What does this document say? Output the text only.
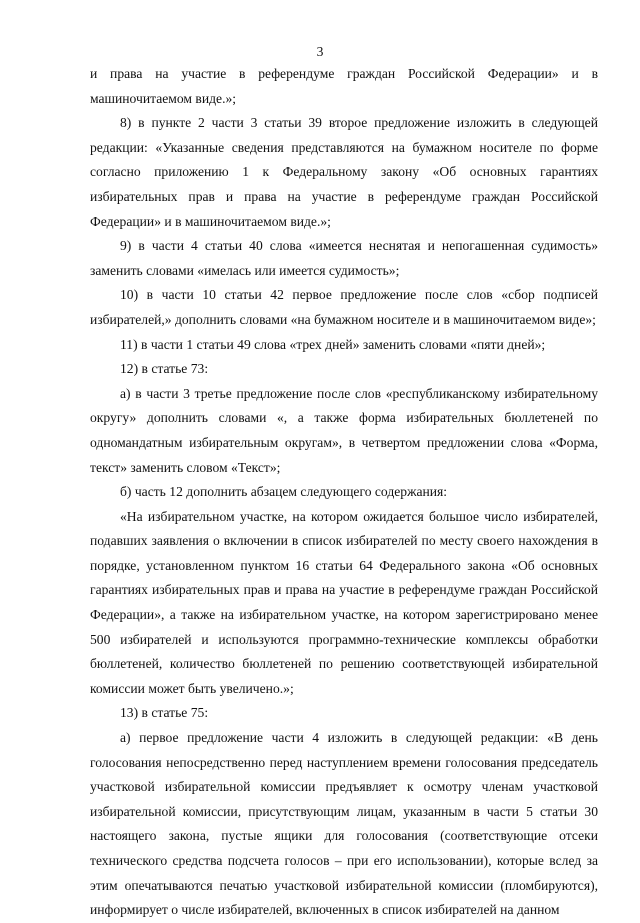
3

и права на участие в референдуме граждан Российской Федерации» и в машиночитаемом виде.»;

8) в пункте 2 части 3 статьи 39 второе предложение изложить в следующей редакции: «Указанные сведения представляются на бумажном носителе по форме согласно приложению 1 к Федеральному закону «Об основных гарантиях избирательных прав и права на участие в референдуме граждан Российской Федерации» и в машиночитаемом виде.»;

9) в части 4 статьи 40 слова «имеется неснятая и непогашенная судимость» заменить словами «имелась или имеется судимость»;

10) в части 10 статьи 42 первое предложение после слов «сбор подписей избирателей,» дополнить словами «на бумажном носителе и в машиночитаемом виде»;

11) в части 1 статьи 49 слова «трех дней» заменить словами «пяти дней»;

12) в статье 73:

а) в части 3 третье предложение после слов «республиканскому избирательному округу» дополнить словами «, а также форма избирательных бюллетеней по одномандатным избирательным округам», в четвертом предложении слова «Форма, текст» заменить словом «Текст»;

б) часть 12 дополнить абзацем следующего содержания:

«На избирательном участке, на котором ожидается большое число избирателей, подавших заявления о включении в список избирателей по месту своего нахождения в порядке, установленном пунктом 16 статьи 64 Федерального закона «Об основных гарантиях избирательных прав и права на участие в референдуме граждан Российской Федерации», а также на избирательном участке, на котором зарегистрировано менее 500 избирателей и используются программно-технические комплексы обработки бюллетеней, количество бюллетеней по решению соответствующей избирательной комиссии может быть увеличено.»;

13) в статье 75:

а) первое предложение части 4 изложить в следующей редакции: «В день голосования непосредственно перед наступлением времени голосования председатель участковой избирательной комиссии предъявляет к осмотру членам участковой избирательной комиссии, присутствующим лицам, указанным в части 5 статьи 30 настоящего закона, пустые ящики для голосования (соответствующие отсеки технического средства подсчета голосов – при его использовании), которые вслед за этим опечатываются печатью участковой избирательной комиссии (пломбируются), информирует о числе избирателей, включенных в список избирателей на данном
